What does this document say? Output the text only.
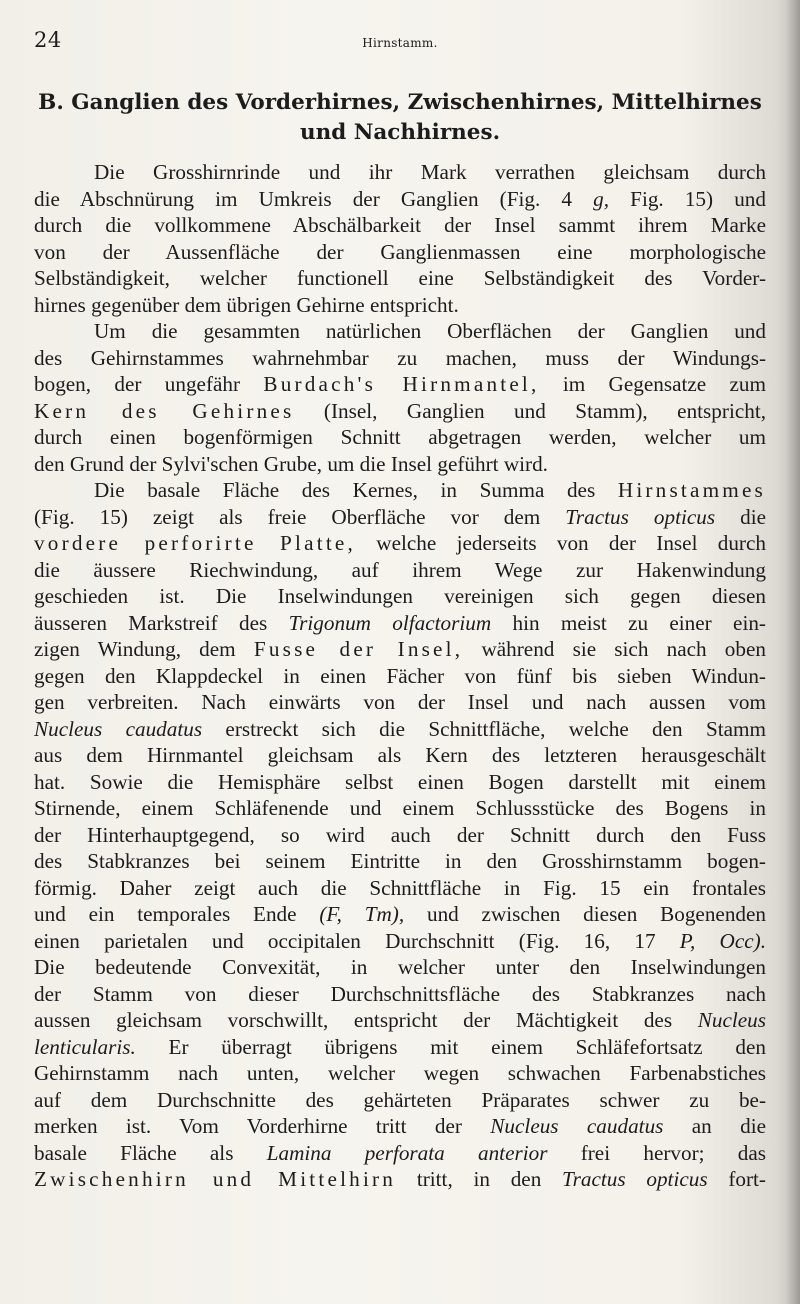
24	Hirnstamm.
B. Ganglien des Vorderhirnes, Zwischenhirnes, Mittelhirnes
und Nachhirnes.
Die Grosshirnrinde und ihr Mark verrathen gleichsam durch
die Abschnürung im Umkreis der Ganglien (Fig. 4 g, Fig. 15) und
durch die vollkommene Abschälbarkeit der Insel sammt ihrem Marke
von der Aussenfläche der Ganglienmassen eine morphologische
Selbständigkeit, welcher functionell eine Selbständigkeit des Vorder-
hirnes gegenüber dem übrigen Gehirne entspricht.
Um die gesammten natürlichen Oberflächen der Ganglien und
des Gehirnstammes wahrnehmbar zu machen, muss der Windungs-
bogen, der ungefähr Burdach's Hirnmantel, im Gegensatze zum
Kern des Gehirnes (Insel, Ganglien und Stamm), entspricht,
durch einen bogenförmigen Schnitt abgetragen werden, welcher um
den Grund der Sylvi'schen Grube, um die Insel geführt wird.
Die basale Fläche des Kernes, in Summa des Hirnstammes
(Fig. 15) zeigt als freie Oberfläche vor dem Tractus opticus die
vordere perforirte Platte, welche jederseits von der Insel durch
die äussere Riechwindung, auf ihrem Wege zur Hakenwindung
geschieden ist. Die Inselwindungen vereinigen sich gegen diesen
äusseren Markstreif des Trigonum olfactorium hin meist zu einer ein-
zigen Windung, dem Fusse der Insel, während sie sich nach oben
gegen den Klappdeckel in einen Fächer von fünf bis sieben Windun-
gen verbreiten. Nach einwärts von der Insel und nach aussen vom
Nucleus caudatus erstreckt sich die Schnittfläche, welche den Stamm
aus dem Hirnmantel gleichsam als Kern des letzteren herausgeschält
hat. Sowie die Hemisphäre selbst einen Bogen darstellt mit einem
Stirnende, einem Schläfenende und einem Schlussstücke des Bogens in
der Hinterhauptgegend, so wird auch der Schnitt durch den Fuss
des Stabkranzes bei seinem Eintritte in den Grosshirnstamm bogen-
förmig. Daher zeigt auch die Schnittfläche in Fig. 15 ein frontales
und ein temporales Ende (F, Tm), und zwischen diesen Bogenenden
einen parietalen und occipitalen Durchschnitt (Fig. 16, 17 P, Occ).
Die bedeutende Convexität, in welcher unter den Inselwindungen
der Stamm von dieser Durchschnittsfläche des Stabkranzes nach
aussen gleichsam vorschwillt, entspricht der Mächtigkeit des Nucleus
lenticularis. Er überragt übrigens mit einem Schläfefortsatz den
Gehirnstamm nach unten, welcher wegen schwachen Farbenabstiches
auf dem Durchschnitte des gehärteten Präparates schwer zu be-
merken ist. Vom Vorderhirne tritt der Nucleus caudatus an die
basale Fläche als Lamina perforata anterior frei hervor; das
Zwischenhirn und Mittelhirn tritt, in den Tractus opticus fort-
